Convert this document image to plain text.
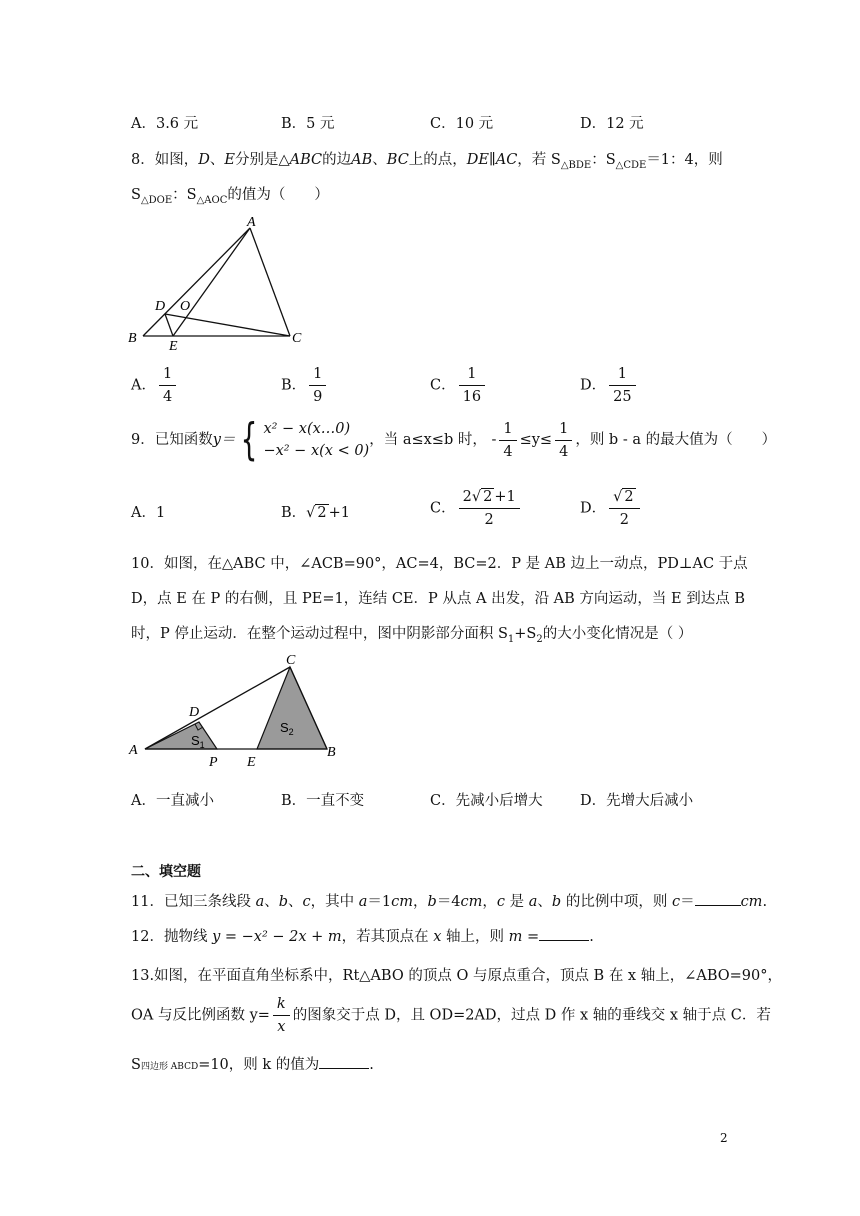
A．3.6 元	B．5 元	C．10 元	D．12 元
8．如图，D、E分别是△ABC的边AB、BC上的点，DE∥AC，若 $S_{\triangle BDE}$：$S_{\triangle CDE}=1$：4，则
$S_{\triangle DOE}$：$S_{\triangle AOC}$的值为（　　）
A
B	C
D
E
O
A． $\frac{1}{4}$	B． $\frac{1}{9}$	C． $\frac{1}{16}$	D． $\frac{1}{25}$
9．已知函数y＝ { x² − x(x…0)
−x² − x(x < 0)，当 a≤x≤b 时， - $\frac{1}{4} \le y\le \frac{1}{4}$ ，则 b - a 的最大值为（　　）
A．1	B．√ 2 +1	C． $\frac{2√ 2 +1}{2}$	D． $\frac{√ 2}{2}$
10．如图，在△ABC 中，∠ACB=90°，AC=4，BC=2．P 是 AB 边上一动点，PD⊥AC 于点
D，点 E 在 P 的右侧，且 PE=1，连结 CE．P 从点 A 出发，沿 AB 方向运动，当 E 到达点 B
时，P 停止运动．在整个运动过程中，图中阴影部分面积 $S_1+S_2$的大小变化情况是（ ）
C
A	B
D
P E
$S_1$
$S_2$
A．一直减小	B．一直不变	C．先减小后增大	D．先增大后减小
二、填空题
11．已知三条线段 a、b、c，其中 a＝1cm，b＝4cm，c 是 a、b 的比例中项，则 c＝	cm.
12．抛物线 y = −x² − 2x + m，若其顶点在 x 轴上，则 m =	.
13.如图，在平面直角坐标系中，Rt△ABO 的顶点 O 与原点重合，顶点 B 在 x 轴上，∠ABO=90°，
OA 与反比例函数 $y= \frac{k}{x}$ 的图象交于点 D，且 OD=2AD，过点 D 作 x 轴的垂线交 x 轴于点 C．若
S四边形 ABCD=10，则 k 的值为	.
2
